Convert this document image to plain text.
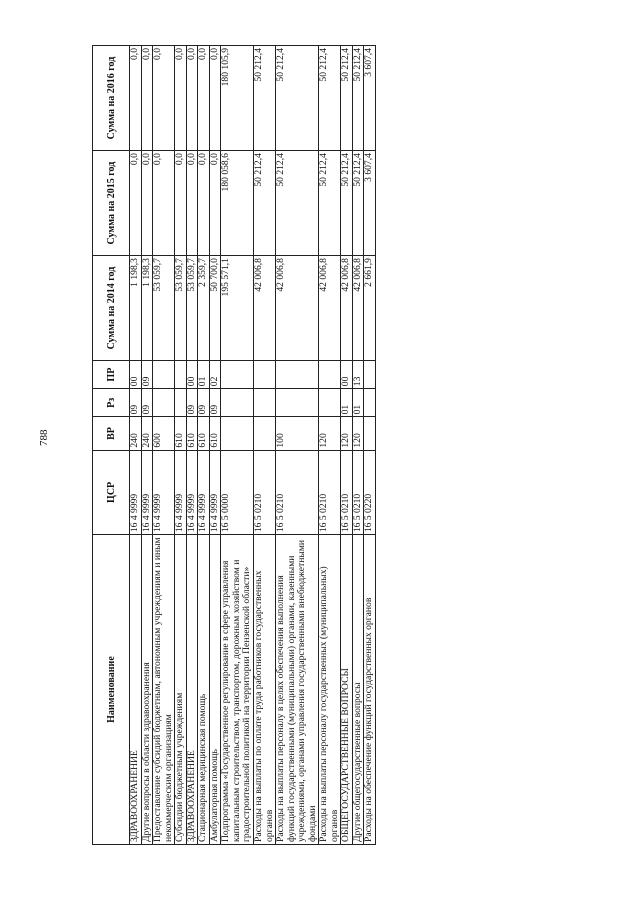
788
Наименование	ЦСР	ВР	Рз	ПР	Сумма на 2014 год	Сумма на 2015 год	Сумма на 2016 год
ЗДРАВООХРАНЕНИЕ	16 4 9999	240	09	00	1 198,3	0,0	0,0
Другие вопросы в области здравоохранения	16 4 9999	240	09	09	1 198,3	0,0	0,0
Предоставление субсидий бюджетным, автономным учреждениям и иным некоммерческим организациям	16 4 9999	600			53 059,7	0,0	0,0
Субсидии бюджетным учреждениям	16 4 9999	610			53 059,7	0,0	0,0
ЗДРАВООХРАНЕНИЕ	16 4 9999	610	09	00	53 059,7	0,0	0,0
Стационарная медицинская помощь	16 4 9999	610	09	01	2 359,7	0,0	0,0
Амбулаторная помощь	16 4 9999	610	09	02	50 700,0	0,0	0,0
Подпрограмма «Государственное регулирование в сфере управления капитальным строительством, транспортом, дорожным хозяйством и градостроительной политикой на территории Пензенской области»	16 5 0000				195 571,1	180 058,6	180 105,9
Расходы на выплаты по оплате труда работников государственных органов	16 5 0210				42 006,8	50 212,4	50 212,4
Расходы на выплаты персоналу в целях обеспечения выполнения функций государственными (муниципальными) органами, казенными учреждениями, органами управления государственными внебюджетными фондами	16 5 0210	100			42 006,8	50 212,4	50 212,4
Расходы на выплаты персоналу государственных (муниципальных) органов	16 5 0210	120			42 006,8	50 212,4	50 212,4
ОБЩЕГОСУДАРСТВЕННЫЕ ВОПРОСЫ	16 5 0210	120	01	00	42 006,8	50 212,4	50 212,4
Другие общегосударственные вопросы	16 5 0210	120	01	13	42 006,8	50 212,4	50 212,4
Расходы на обеспечение функций государственных органов	16 5 0220				2 661,9	3 607,4	3 607,4
